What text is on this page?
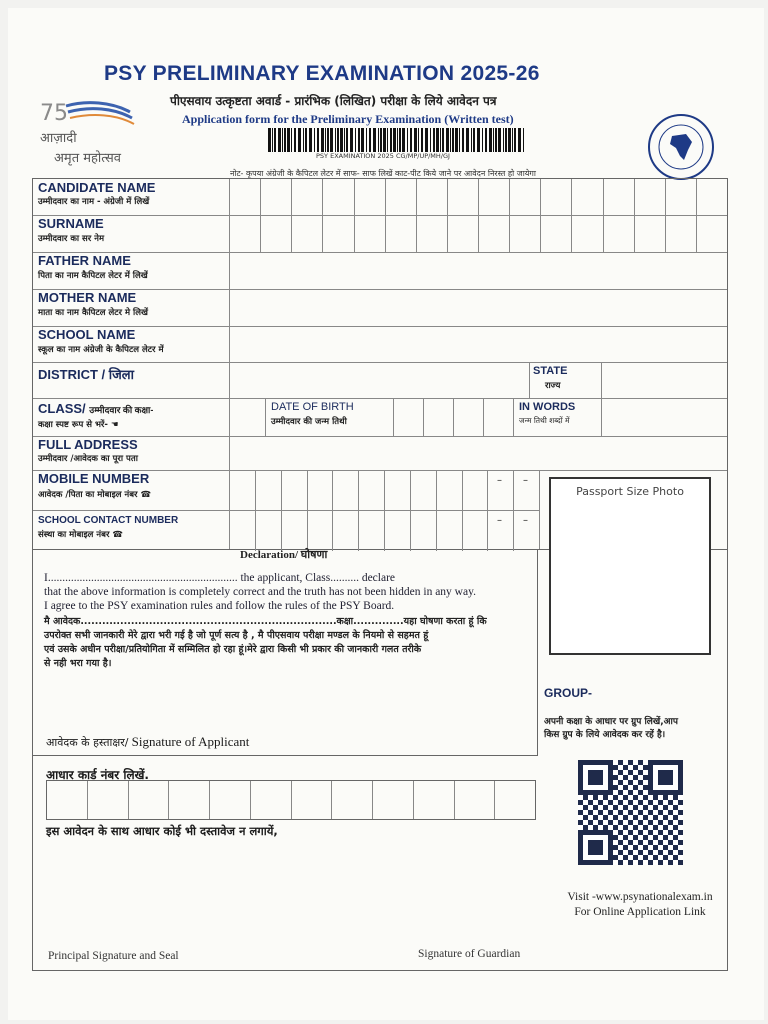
75
आज़ादी
अमृत महोत्सव
PSY PRELIMINARY EXAMINATION 2025-26
पीएसवाय उत्कृष्टता अवार्ड - प्रारंभिक (लिखित) परीक्षा के लिये आवेदन पत्र
Application form for the Preliminary Examination (Written test)
PSY EXAMINATION 2025 CG/MP/UP/MH/GJ
नोट- कृपया अंग्रेजी के कैपिटल लेटर में साफ- साफ लिखें काट-पीट किये जाने पर आवेदन निरस्त हो जायेगा
CANDIDATE NAME
उम्मीदवार का नाम - अंग्रेजी में लिखें
SURNAME
उम्मीदवार का सर नेम
FATHER NAME
पिता का नाम कैपिटल लेटर में लिखें
MOTHER NAME
माता का नाम कैपिटल लेटर मे लिखें
SCHOOL NAME
स्कूल का नाम अंग्रेजी के कैपिटल लेटर में
DISTRICT / जिला	STATE
राज्य
CLASS/ उम्मीदवार की कक्षा-
कक्षा स्पष्ट रूप से भरें- ☚
DATE OF BIRTH
उम्मीदवार की जन्म तिथी
IN WORDS
जन्म तिथी शब्दों में
FULL ADDRESS
उम्मीदवार /आवेदक का पूरा पता
MOBILE NUMBER
आवेदक /पिता का मोबाइल नंबर ☎
– –
SCHOOL CONTACT NUMBER
संस्था का मोबाइल नंबर ☎
– –
Passport Size Photo
Declaration/ घोषणा
I.................................................................. the applicant, Class.......... declare
that the above information is completely correct and the truth has not been hidden in any way.
I agree to the PSY examination rules and follow the rules of the PSY Board.
मै आवेदक.......................................................................कक्षा..............यहा घोषणा करता हूं कि
उपरोक्त सभी जानकारी मेरे द्वारा भरी गई है जो पूर्ण सत्य है , मै पीएसवाय परीक्षा मण्डल के नियमो से सहमत हूं
एवं उसके अधीन परीक्षा/प्रतियोगिता में सम्मिलित हो रहा हूं।मेरे द्वारा किसी भी प्रकार की जानकारी गलत तरीके
से नही भरा गया है।
आवेदक के हस्ताक्षर/ Signature of Applicant
GROUP-
अपनी कक्षा के आधार पर ग्रुप लिखें,आप
किस ग्रुप के लिये आवेदक कर रहें है।
आधार कार्ड नंबर लिखें.
इस आवेदन के साथ आधार कोई भी दस्तावेज न लगायें,
Visit -www.psynationalexam.in
For Online Application Link
Principal Signature and Seal	Signature of Guardian
